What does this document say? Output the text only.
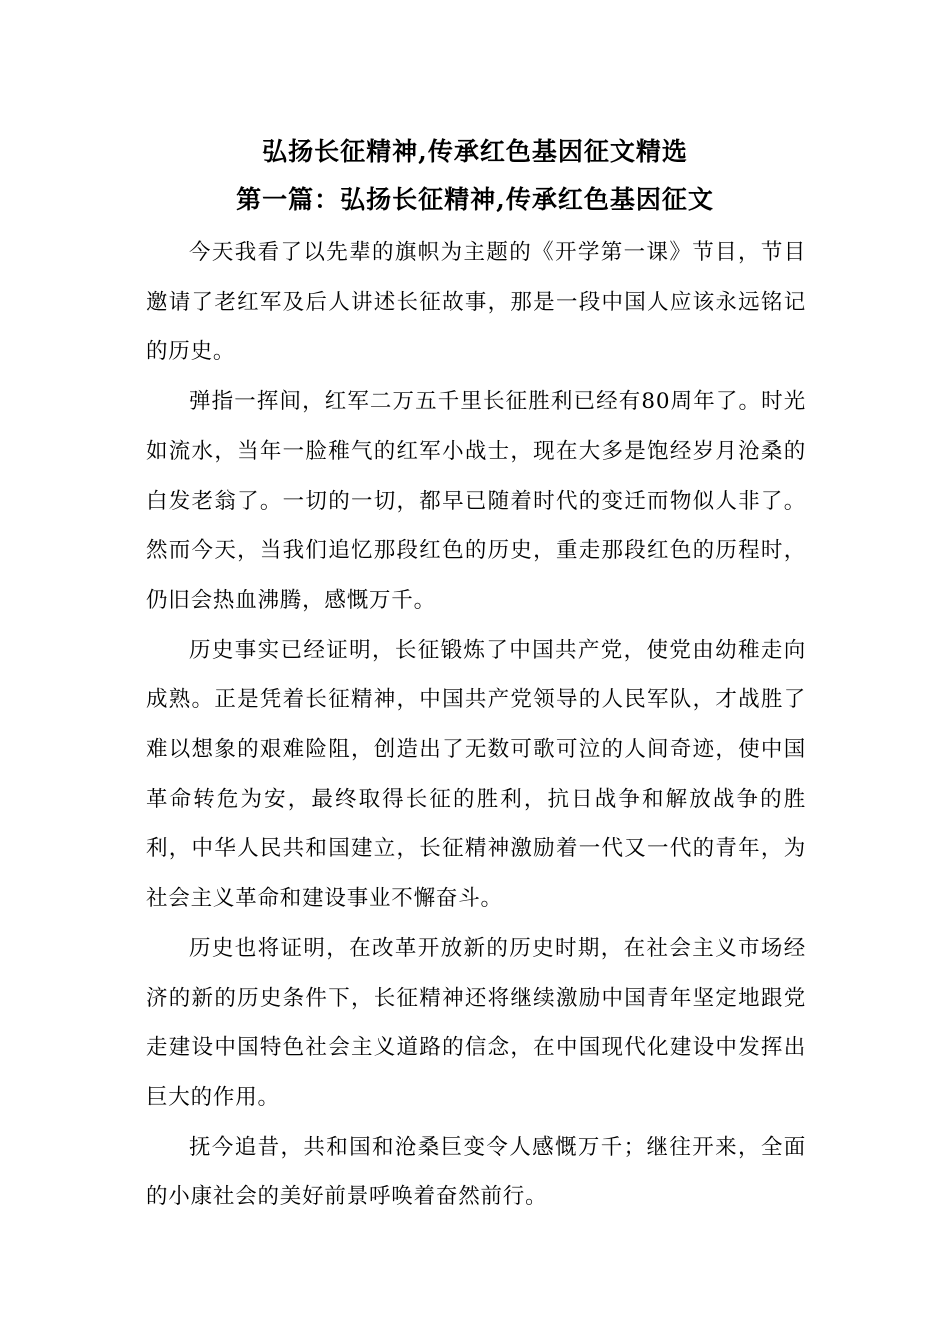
弘扬长征精神,传承红色基因征文精选
第一篇：弘扬长征精神,传承红色基因征文

今天我看了以先辈的旗帜为主题的《开学第一课》节目，节目邀请了老红军及后人讲述长征故事，那是一段中国人应该永远铭记的历史。

弹指一挥间，红军二万五千里长征胜利已经有80周年了。时光如流水，当年一脸稚气的红军小战士，现在大多是饱经岁月沧桑的白发老翁了。一切的一切，都早已随着时代的变迁而物似人非了。然而今天，当我们追忆那段红色的历史，重走那段红色的历程时，仍旧会热血沸腾，感慨万千。

历史事实已经证明，长征锻炼了中国共产党，使党由幼稚走向成熟。正是凭着长征精神，中国共产党领导的人民军队，才战胜了难以想象的艰难险阻，创造出了无数可歌可泣的人间奇迹，使中国革命转危为安，最终取得长征的胜利，抗日战争和解放战争的胜利，中华人民共和国建立，长征精神激励着一代又一代的青年，为社会主义革命和建设事业不懈奋斗。

历史也将证明，在改革开放新的历史时期，在社会主义市场经济的新的历史条件下，长征精神还将继续激励中国青年坚定地跟党走建设中国特色社会主义道路的信念，在中国现代化建设中发挥出巨大的作用。

抚今追昔，共和国和沧桑巨变令人感慨万千；继往开来，全面的小康社会的美好前景呼唤着奋然前行。
